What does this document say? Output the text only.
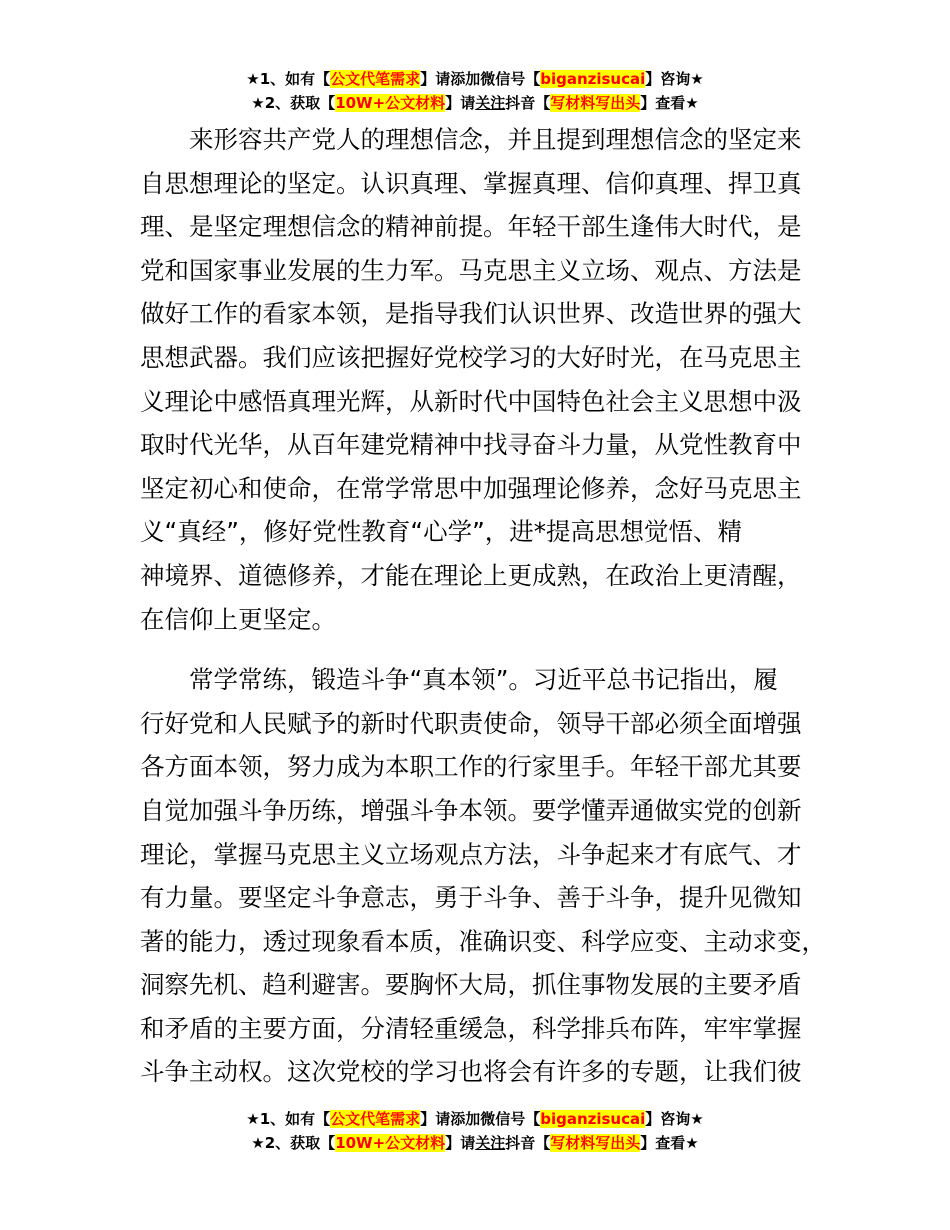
★1、如有【公文代笔需求】请添加微信号【biganzisucai】咨询★
★2、获取【10W+公文材料】请关注抖音【写材料写出头】查看★
来形容共产党人的理想信念，并且提到理想信念的坚定来
自思想理论的坚定。认识真理、掌握真理、信仰真理、捍卫真
理、是坚定理想信念的精神前提。年轻干部生逢伟大时代，是
党和国家事业发展的生力军。马克思主义立场、观点、方法是
做好工作的看家本领，是指导我们认识世界、改造世界的强大
思想武器。我们应该把握好党校学习的大好时光，在马克思主
义理论中感悟真理光辉，从新时代中国特色社会主义思想中汲
取时代光华，从百年建党精神中找寻奋斗力量，从党性教育中
坚定初心和使命，在常学常思中加强理论修养，念好马克思主
义“真经”，修好党性教育“心学”，进*提高思想觉悟、精
神境界、道德修养，才能在理论上更成熟，在政治上更清醒，
在信仰上更坚定。
常学常练，锻造斗争“真本领”。习近平总书记指出，履
行好党和人民赋予的新时代职责使命，领导干部必须全面增强
各方面本领，努力成为本职工作的行家里手。年轻干部尤其要
自觉加强斗争历练，增强斗争本领。要学懂弄通做实党的创新
理论，掌握马克思主义立场观点方法，斗争起来才有底气、才
有力量。要坚定斗争意志，勇于斗争、善于斗争，提升见微知
著的能力，透过现象看本质，准确识变、科学应变、主动求变，
洞察先机、趋利避害。要胸怀大局，抓住事物发展的主要矛盾
和矛盾的主要方面，分清轻重缓急，科学排兵布阵，牢牢掌握
斗争主动权。这次党校的学习也将会有许多的专题，让我们彼
★1、如有【公文代笔需求】请添加微信号【biganzisucai】咨询★
★2、获取【10W+公文材料】请关注抖音【写材料写出头】查看★
